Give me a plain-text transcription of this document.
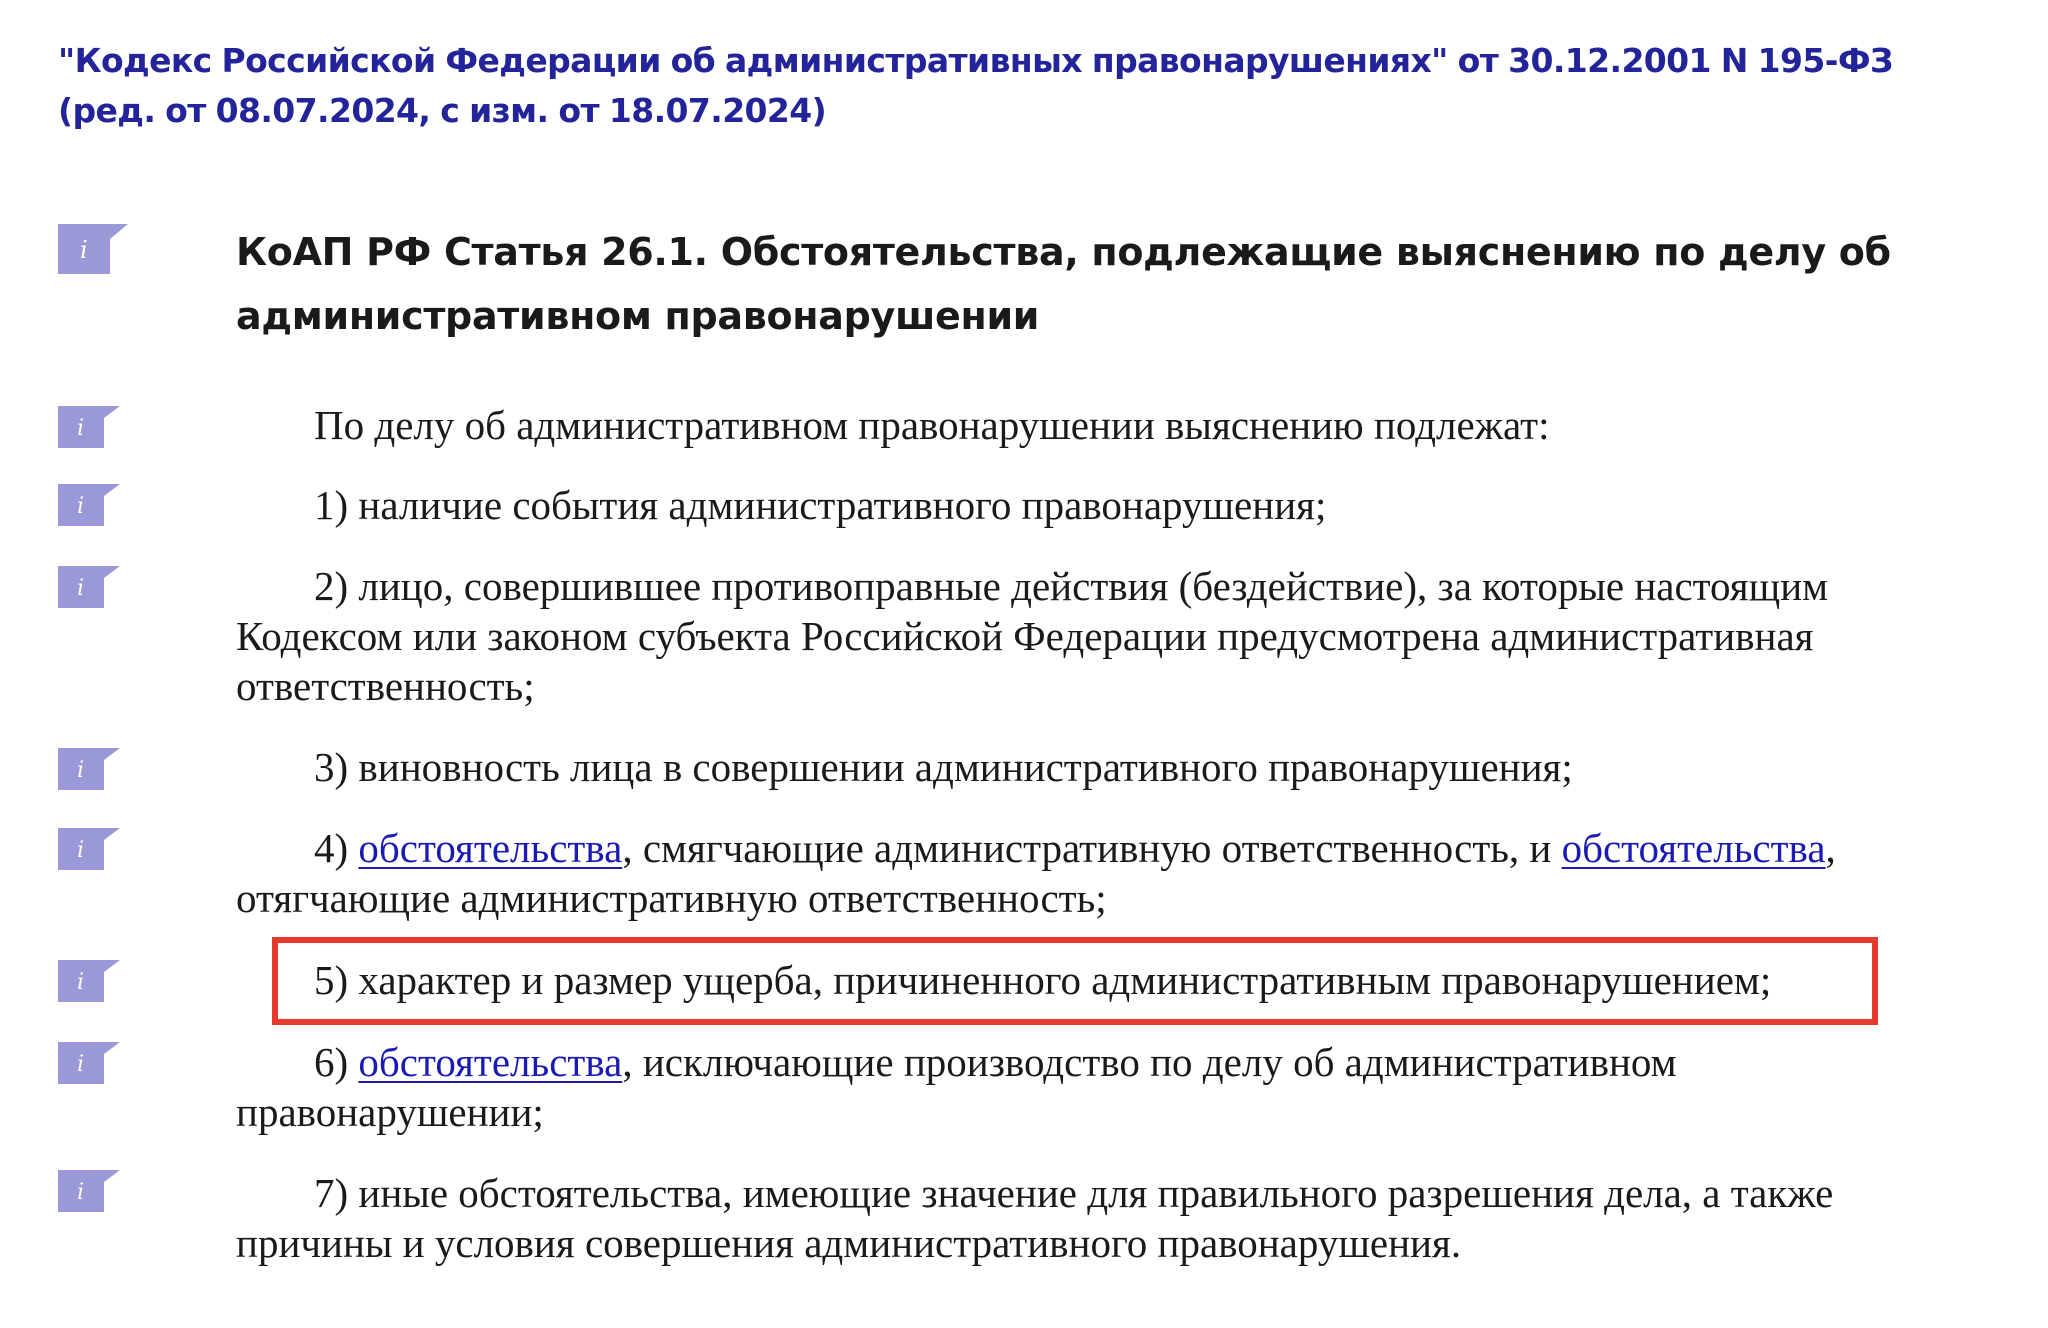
"Кодекс Российской Федерации об административных правонарушениях" от 30.12.2001 N 195-ФЗ (ред. от 08.07.2024, с изм. от 18.07.2024)
i
i
i
i
i
i
i
i
i
КоАП РФ Статья 26.1. Обстоятельства, подлежащие выяснению по делу об административном правонарушении
По делу об административном правонарушении выяснению подлежат:
1) наличие события административного правонарушения;
2) лицо, совершившее противоправные действия (бездействие), за которые настоящим Кодексом или законом субъекта Российской Федерации предусмотрена административная ответственность;
3) виновность лица в совершении административного правонарушения;
4) обстоятельства, смягчающие административную ответственность, и обстоятельства, отягчающие административную ответственность;
5) характер и размер ущерба, причиненного административным правонарушением;
6) обстоятельства, исключающие производство по делу об административном правонарушении;
7) иные обстоятельства, имеющие значение для правильного разрешения дела, а также причины и условия совершения административного правонарушения.
